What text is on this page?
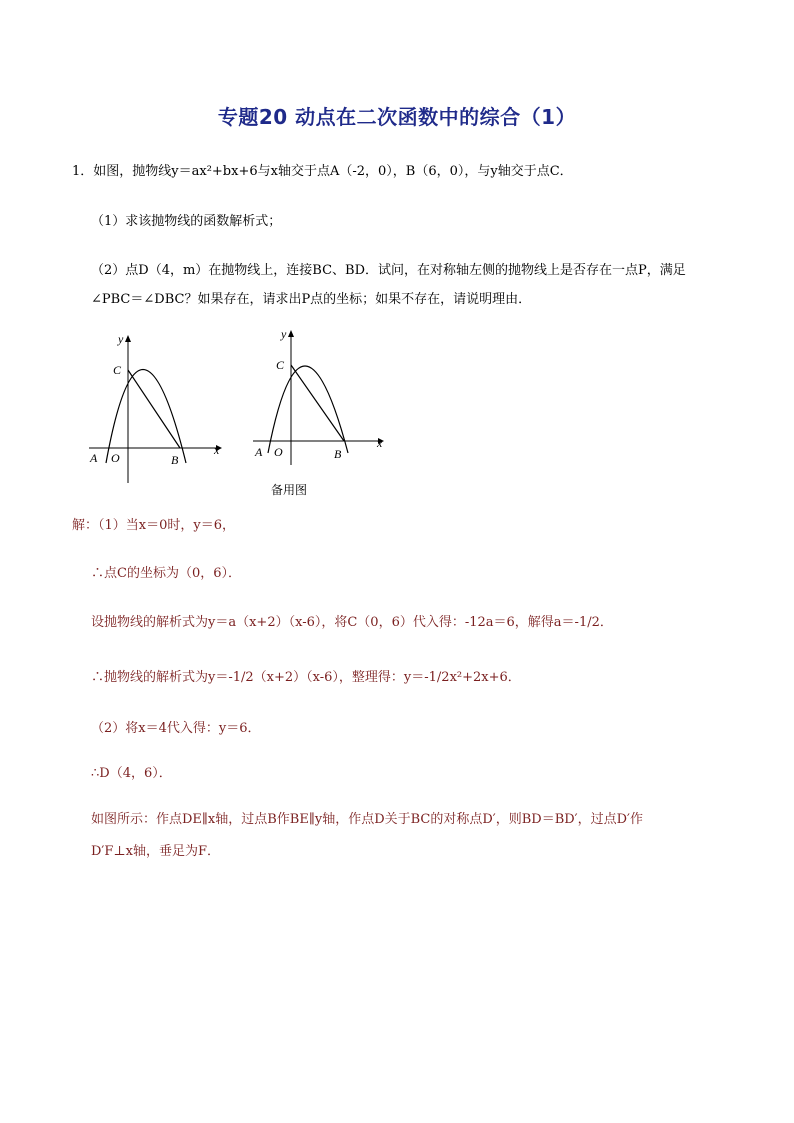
专题20 动点在二次函数中的综合（1）
1．如图，抛物线y＝ax²+bx+6与x轴交于点A（-2，0），B（6，0），与y轴交于点C．
（1）求该抛物线的函数解析式；
（2）点D（4，m）在抛物线上，连接BC、BD．试问，在对称轴左侧的抛物线上是否存在一点P，满足
∠PBC＝∠DBC？如果存在，请求出P点的坐标；如果不存在，请说明理由．
y
x
C
A O	B
y
x
C
A O	B
备用图
解：（1）当x＝0时，y＝6，
∴点C的坐标为（0，6）．
设抛物线的解析式为y＝a（x+2）（x-6），将C（0，6）代入得：-12a＝6，解得a＝-1/2．
∴抛物线的解析式为y＝-1/2（x+2）（x-6），整理得：y＝-1/2x²+2x+6．
（2）将x＝4代入得：y＝6．
∴D（4，6）．
如图所示：作点DE∥x轴，过点B作BE∥y轴，作点D关于BC的对称点D′，则BD＝BD′，过点D′作
D′F⊥x轴，垂足为F．
